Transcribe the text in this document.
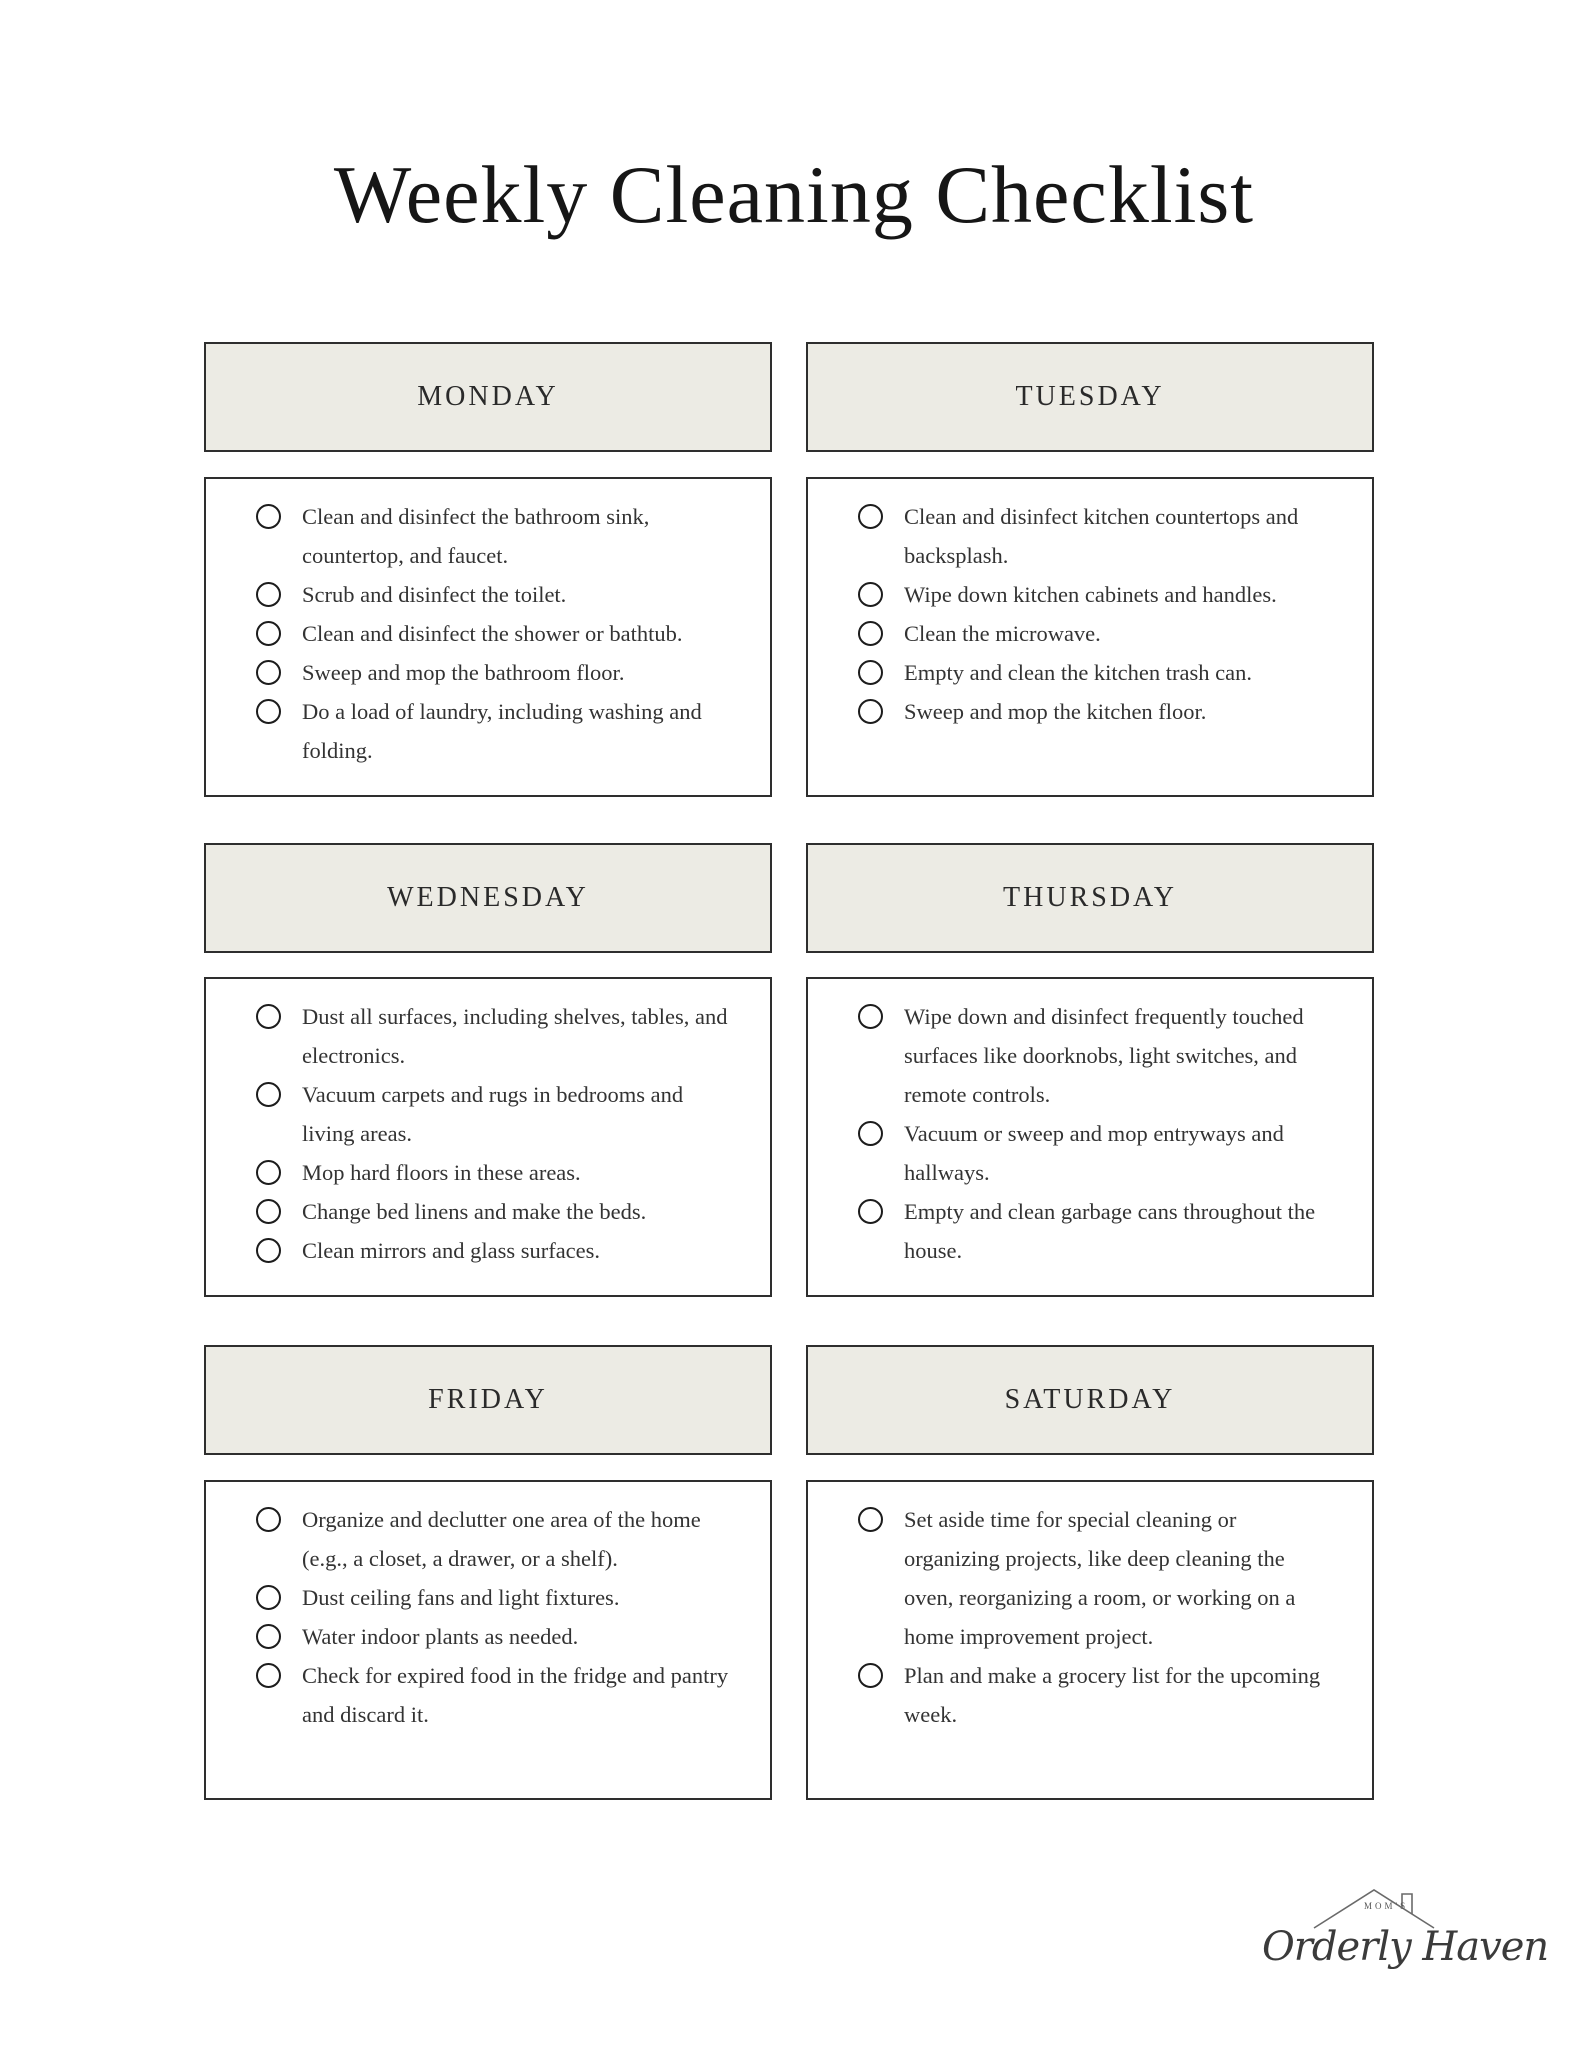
Weekly Cleaning Checklist
MONDAY
Clean and disinfect the bathroom sink, countertop, and faucet.
Scrub and disinfect the toilet.
Clean and disinfect the shower or bathtub.
Sweep and mop the bathroom floor.
Do a load of laundry, including washing and folding.
TUESDAY
Clean and disinfect kitchen countertops and backsplash.
Wipe down kitchen cabinets and handles.
Clean the microwave.
Empty and clean the kitchen trash can.
Sweep and mop the kitchen floor.
WEDNESDAY
Dust all surfaces, including shelves, tables, and electronics.
Vacuum carpets and rugs in bedrooms and living areas.
Mop hard floors in these areas.
Change bed linens and make the beds.
Clean mirrors and glass surfaces.
THURSDAY
Wipe down and disinfect frequently touched surfaces like doorknobs, light switches, and remote controls.
Vacuum or sweep and mop entryways and hallways.
Empty and clean garbage cans throughout the house.
FRIDAY
Organize and declutter one area of the home (e.g., a closet, a drawer, or a shelf).
Dust ceiling fans and light fixtures.
Water indoor plants as needed.
Check for expired food in the fridge and pantry and discard it.
SATURDAY
Set aside time for special cleaning or organizing projects, like deep cleaning the oven, reorganizing a room, or working on a home improvement project.
Plan and make a grocery list for the upcoming week.
MOM'S
Orderly Haven
